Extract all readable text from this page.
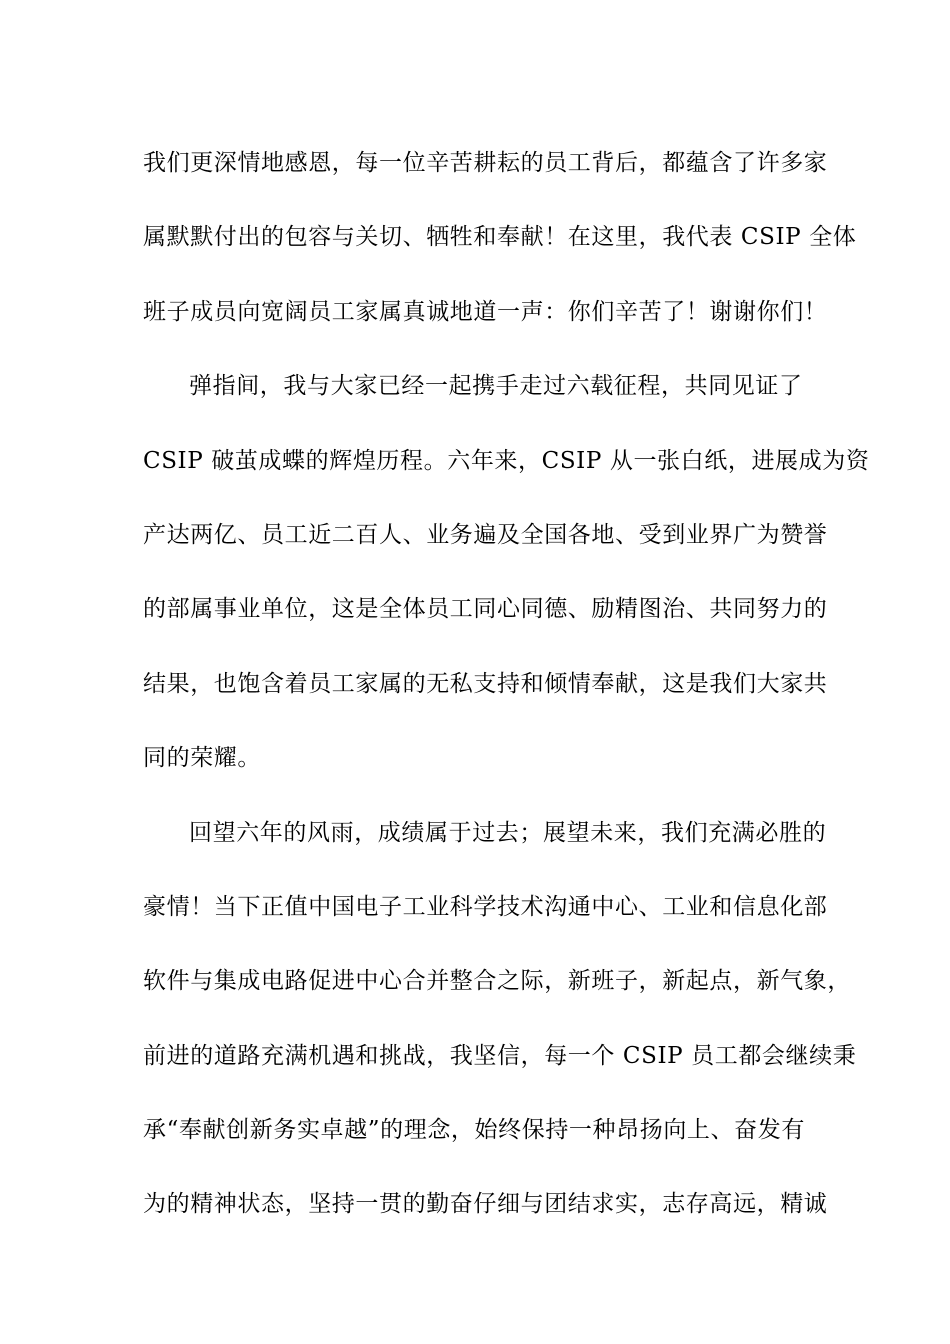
我们更深情地感恩，每一位辛苦耕耘的员工背后，都蕴含了许多家
属默默付出的包容与关切、牺牲和奉献！在这里，我代表 CSIP 全体
班子成员向宽阔员工家属真诚地道一声：你们辛苦了！谢谢你们！
弹指间，我与大家已经一起携手走过六载征程，共同见证了
CSIP 破茧成蝶的辉煌历程。六年来，CSIP 从一张白纸，进展成为资
产达两亿、员工近二百人、业务遍及全国各地、受到业界广为赞誉
的部属事业单位，这是全体员工同心同德、励精图治、共同努力的
结果，也饱含着员工家属的无私支持和倾情奉献，这是我们大家共
同的荣耀。
回望六年的风雨，成绩属于过去；展望未来，我们充满必胜的
豪情！当下正值中国电子工业科学技术沟通中心、工业和信息化部
软件与集成电路促进中心合并整合之际，新班子，新起点，新气象，
前进的道路充满机遇和挑战，我坚信，每一个 CSIP 员工都会继续秉
承“奉献创新务实卓越”的理念，始终保持一种昂扬向上、奋发有
为的精神状态，坚持一贯的勤奋仔细与团结求实，志存高远，精诚
